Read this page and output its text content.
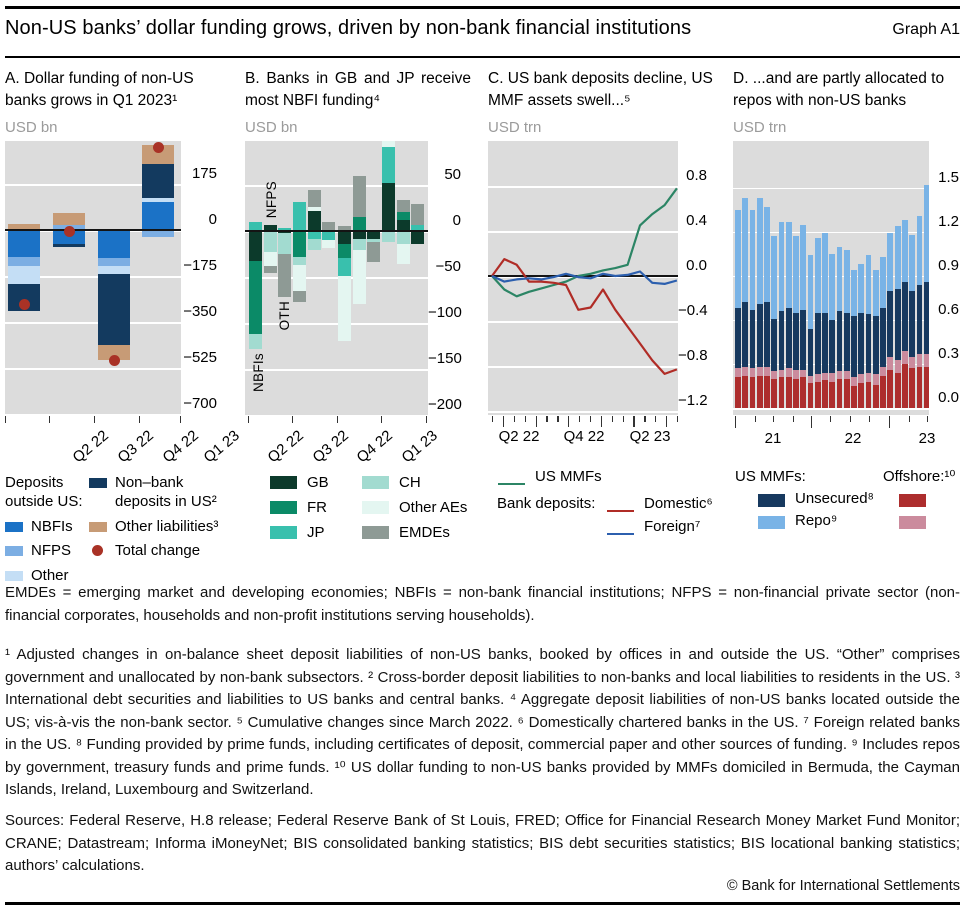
Non-US banks’ dollar funding grows, driven by non-bank financial institutions	Graph A1
A. Dollar funding of non-US banks grows in Q1 2023¹
USD bn
175
0
−175
−350
−525
−700
Q2 22 Q3 22 Q4 22
Q1 23
Deposits outside US:
NBFIs
NFPS
Other
Non–bank deposits in US²
Other liabilities³
Total change
B. Banks in GB and JP receive most NBFI funding⁴
USD bn
NBFIs
NFPS
OTH
50
0
−50
−100
−150
−200
Q2 22 Q3 22 Q4 22 Q1 23
GB
FR
JP
CH
Other AEs
EMDEs
C. US bank deposits decline, US MMF assets swell...⁵
USD trn
0.8
0.4
0.0
−0.4
−0.8
−1.2
Q2 22 Q4 22 Q2 23
US MMFs
Bank deposits:	Domestic⁶
Foreign⁷
D. ...and are partly allocated to repos with non-US banks
USD trn
1.5
1.2
0.9
0.6
0.3
0.0
21	22	23
US MMFs:	Offshore:¹⁰
Unsecured⁸
Repo⁹

EMDEs = emerging market and developing economies; NBFIs = non-bank financial institutions; NFPS = non-financial private sector (non-financial corporates, households and non-profit institutions serving households).

¹ Adjusted changes in on-balance sheet deposit liabilities of non-US banks, booked by offices in and outside the US. “Other” comprises government and unallocated by non-bank subsectors. ² Cross-border deposit liabilities to non-banks and local liabilities to residents in the US. ³ International debt securities and liabilities to US banks and central banks. ⁴ Aggregate deposit liabilities of non-US banks located outside the US; vis-à-vis the non-bank sector. ⁵ Cumulative changes since March 2022. ⁶ Domestically chartered banks in the US. ⁷ Foreign related banks in the US. ⁸ Funding provided by prime funds, including certificates of deposit, commercial paper and other sources of funding. ⁹ Includes repos by government, treasury funds and prime funds. ¹⁰ US dollar funding to non-US banks provided by MMFs domiciled in Bermuda, the Cayman Islands, Ireland, Luxembourg and Switzerland.

Sources: Federal Reserve, H.8 release; Federal Reserve Bank of St Louis, FRED; Office for Financial Research Money Market Fund Monitor; CRANE; Datastream; Informa iMoneyNet; BIS consolidated banking statistics; BIS debt securities statistics; BIS locational banking statistics; authors’ calculations.

© Bank for International Settlements
